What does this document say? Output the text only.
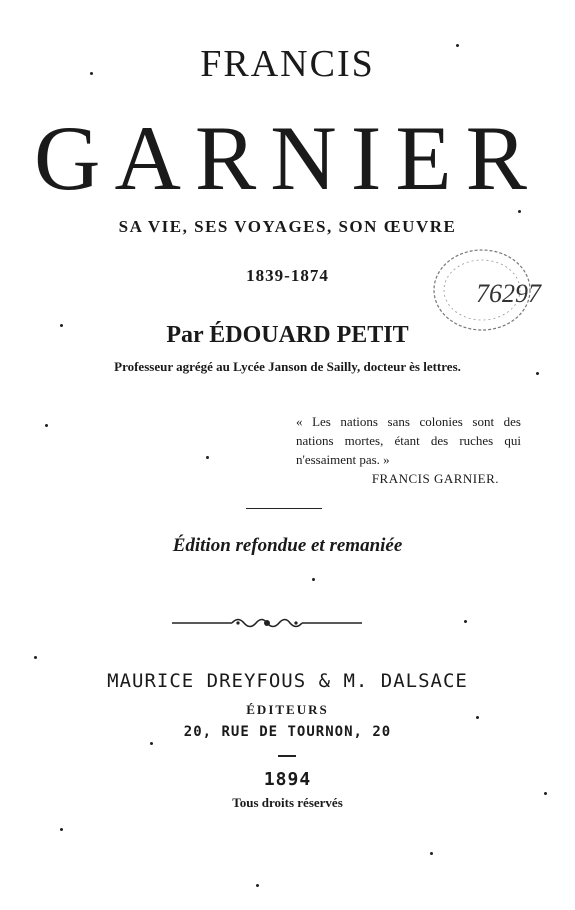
FRANCIS
GARNIER
SA VIE, SES VOYAGES, SON ŒUVRE
1839-1874
Par ÉDOUARD PETIT
Professeur agrégé au Lycée Janson de Sailly, docteur ès lettres.
76297
« Les nations sans colonies sont des nations mortes, étant des ruches qui n'essaiment pas. »
FRANCIS GARNIER.
Édition refondue et remaniée
MAURICE DREYFOUS & M. DALSACE
ÉDITEURS
20, RUE DE TOURNON, 20
1894
Tous droits réservés
